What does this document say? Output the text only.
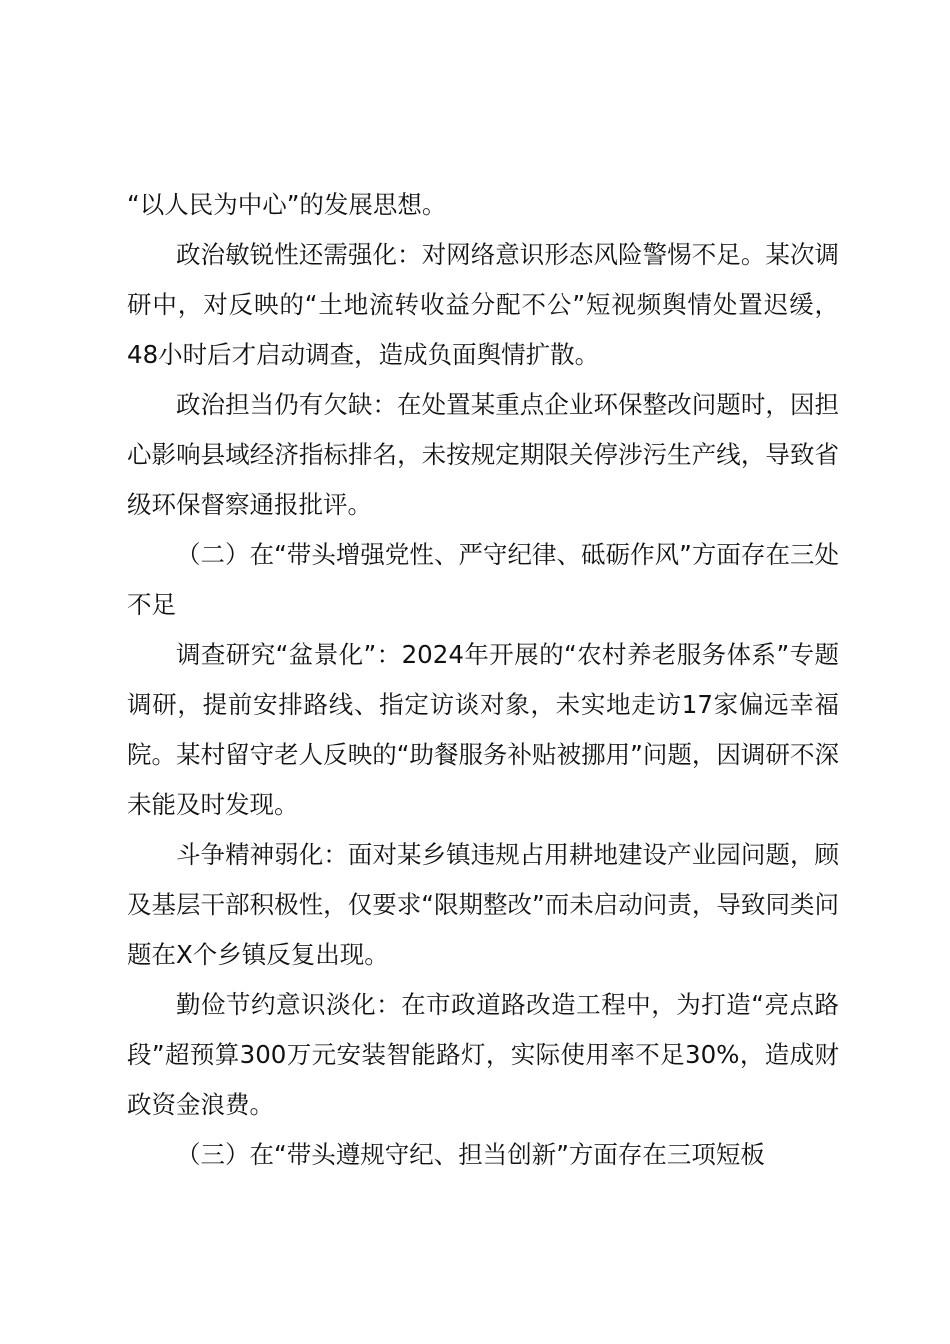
“以人民为中心”的发展思想。

政治敏锐性还需强化：对网络意识形态风险警惕不足。某次调研中，对反映的“土地流转收益分配不公”短视频舆情处置迟缓，48小时后才启动调查，造成负面舆情扩散。

政治担当仍有欠缺：在处置某重点企业环保整改问题时，因担心影响县域经济指标排名，未按规定期限关停涉污生产线，导致省级环保督察通报批评。

（二）在“带头增强党性、严守纪律、砥砺作风”方面存在三处不足

调查研究“盆景化”：2024年开展的“农村养老服务体系”专题调研，提前安排路线、指定访谈对象，未实地走访17家偏远幸福院。某村留守老人反映的“助餐服务补贴被挪用”问题，因调研不深未能及时发现。

斗争精神弱化：面对某乡镇违规占用耕地建设产业园问题，顾及基层干部积极性，仅要求“限期整改”而未启动问责，导致同类问题在X个乡镇反复出现。

勤俭节约意识淡化：在市政道路改造工程中，为打造“亮点路段”超预算300万元安装智能路灯，实际使用率不足30%，造成财政资金浪费。

（三）在“带头遵规守纪、担当创新”方面存在三项短板
